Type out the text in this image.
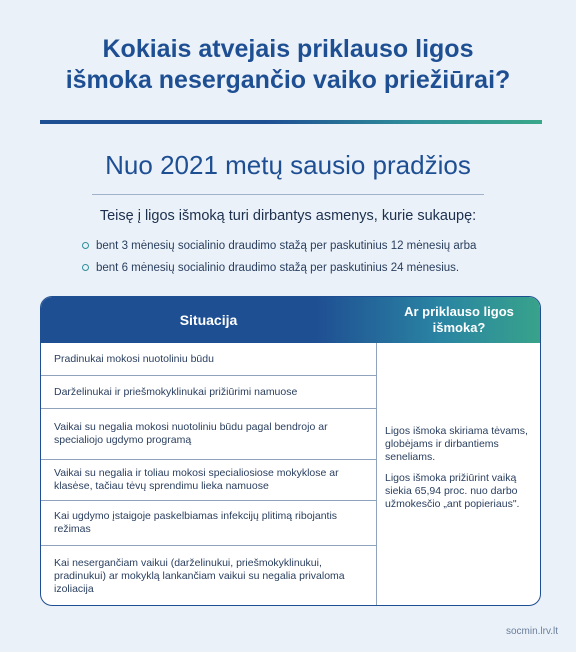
Kokiais atvejais priklauso ligos
išmoka nesergančio vaiko priežiūrai?
Nuo 2021 metų sausio pradžios
Teisę į ligos išmoką turi dirbantys asmenys, kurie sukaupę:
bent 3 mėnesių socialinio draudimo stažą per paskutinius 12 mėnesių arba
bent 6 mėnesių socialinio draudimo stažą per paskutinius 24 mėnesius.
Situacija
Ar priklauso ligos išmoka?
Pradinukai mokosi nuotoliniu būdu
Darželinukai ir priešmokyklinukai prižiūrimi namuose
Vaikai su negalia mokosi nuotoliniu būdu pagal bendrojo ar specialiojo ugdymo programą
Vaikai su negalia ir toliau mokosi specialiosiose mokyklose ar klasėse, tačiau tėvų sprendimu lieka namuose
Kai ugdymo įstaigoje paskelbiamas infekcijų plitimą ribojantis režimas
Kai nesergančiam vaikui (darželinukui, priešmokyklinukui, pradinukui) ar mokyklą lankančiam vaikui su negalia privaloma izoliacija

Ligos išmoka skiriama tėvams, globėjams ir dirbantiems seneliams.

Ligos išmoka prižiūrint vaiką siekia 65,94 proc. nuo darbo užmokesčio „ant popieriaus".

socmin.lrv.lt
